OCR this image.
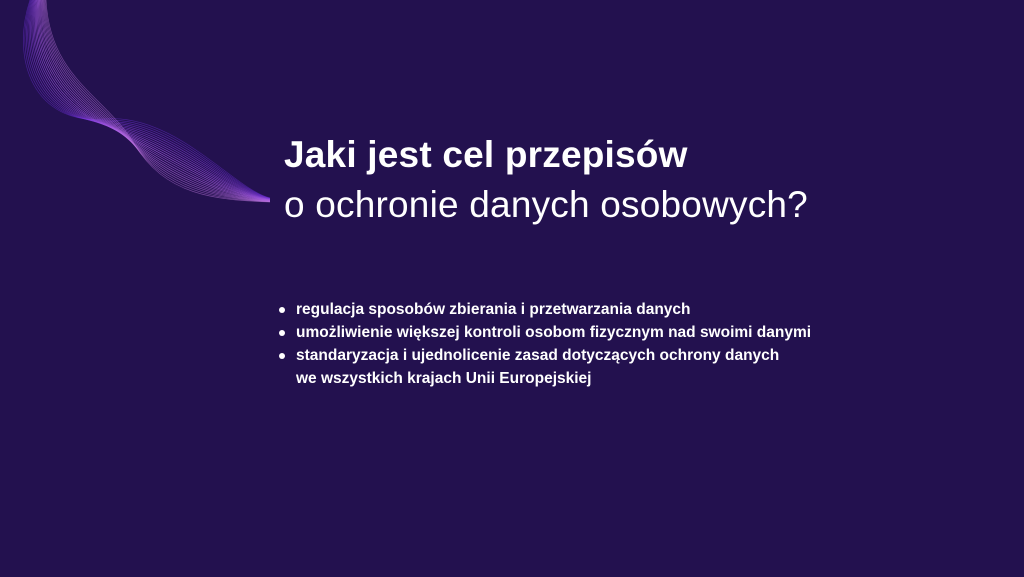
Jaki jest cel przepisów
o ochronie danych osobowych?
regulacja sposobów zbierania i przetwarzania danych
umożliwienie większej kontroli osobom fizycznym nad swoimi danymi
standaryzacja i ujednolicenie zasad dotyczących ochrony danych
we wszystkich krajach Unii Europejskiej
